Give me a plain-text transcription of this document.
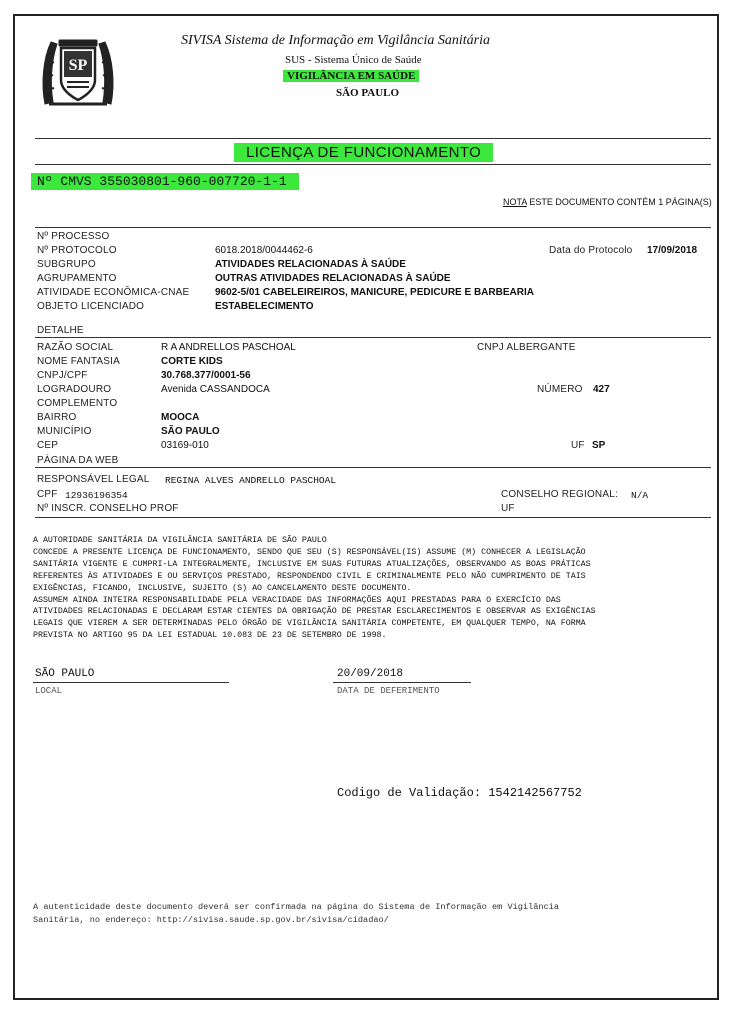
SP
SIVISA Sistema de Informação em Vigilância Sanitária
SUS - Sistema Único de Saúde
VIGILÂNCIA EM SAÚDE
SÃO PAULO
LICENÇA DE FUNCIONAMENTO
Nº CMVS 355030801-960-007720-1-1
NOTA ESTE DOCUMENTO CONTÉM 1 PÁGINA(S)
Nº PROCESSO
Nº PROTOCOLO	6018.2018/0044462-6	Data do Protocolo 17/09/2018
SUBGRUPO	ATIVIDADES RELACIONADAS À SAÚDE
AGRUPAMENTO	OUTRAS ATIVIDADES RELACIONADAS À SAÚDE
ATIVIDADE ECONÔMICA-CNAE	9602-5/01 CABELEIREIROS, MANICURE, PEDICURE E BARBEARIA
OBJETO LICENCIADO	ESTABELECIMENTO
DETALHE
RAZÃO SOCIAL	R A ANDRELLOS PASCHOAL	CNPJ ALBERGANTE
NOME FANTASIA	CORTE KIDS
CNPJ/CPF	30.768.377/0001-56
LOGRADOURO	Avenida CASSANDOCA	NÚMERO 427
COMPLEMENTO
BAIRRO	MOOCA
MUNICÍPIO	SÃO PAULO
CEP	03169-010	UF SP
PÁGINA DA WEB
RESPONSÁVEL LEGAL REGINA ALVES ANDRELLO PASCHOAL
CPF 12936196354	CONSELHO REGIONAL: N/A
Nº INSCR. CONSELHO PROF	UF

A AUTORIDADE SANITÁRIA DA VIGILÂNCIA SANITÁRIA DE SÃO PAULO

CONCEDE A PRESENTE LICENÇA DE FUNCIONAMENTO, SENDO QUE SEU (S) RESPONSÁVEL(IS) ASSUME (M) CONHECER A LEGISLAÇÃO

SANITÁRIA VIGENTE E CUMPRI-LA INTEGRALMENTE, INCLUSIVE EM SUAS FUTURAS ATUALIZAÇÕES, OBSERVANDO AS BOAS PRÁTICAS

REFERENTES ÀS ATIVIDADES E OU SERVIÇOS PRESTADO, RESPONDENDO CIVIL E CRIMINALMENTE PELO NÃO CUMPRIMENTO DE TAIS

EXIGÊNCIAS, FICANDO, INCLUSIVE, SUJEITO (S) AO CANCELAMENTO DESTE DOCUMENTO.

ASSUMEM AINDA INTEIRA RESPONSABILIDADE PELA VERACIDADE DAS INFORMAÇÕES AQUI PRESTADAS PARA O EXERCÍCIO DAS

ATIVIDADES RELACIONADAS E DECLARAM ESTAR CIENTES DA OBRIGAÇÃO DE PRESTAR ESCLARECIMENTOS E OBSERVAR AS EXIGÊNCIAS

LEGAIS QUE VIEREM A SER DETERMINADAS PELO ÓRGÃO DE VIGILÂNCIA SANITÁRIA COMPETENTE, EM QUALQUER TEMPO, NA FORMA

PREVISTA NO ARTIGO 95 DA LEI ESTADUAL 10.083 DE 23 DE SETEMBRO DE 1998.

SÃO PAULO
LOCAL
20/09/2018
DATA DE DEFERIMENTO
Codigo de Validação: 1542142567752
A autenticidade deste documento deverá ser confirmada na página do Sistema de Informação em Vigilância
Sanitária, no endereço: http://sivisa.saude.sp.gov.br/sivisa/cidadao/
